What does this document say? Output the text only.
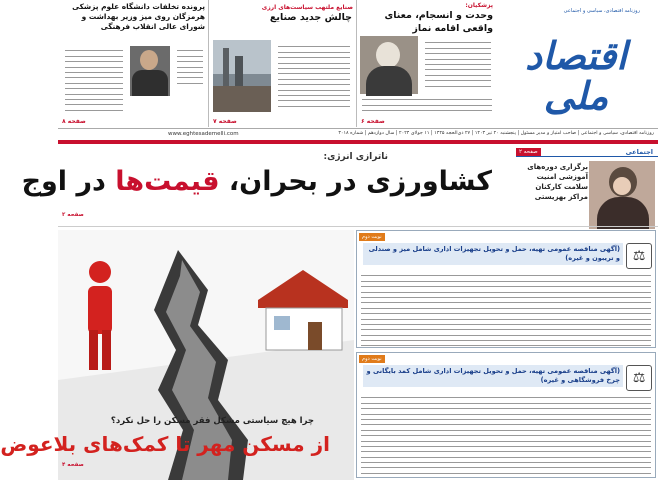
پزشکیان:
وحدت و انسجام، معنای واقعی اقامه نماز
صفحه ۶
صنایع ملتهب سیاست‌های ارزی
چالش جدید صنایع
صفحه ۷
پرونده تخلفات دانشگاه علوم پزشکی هرمزگان روی میز وزیر بهداشت و شورای عالی انقلاب فرهنگی
صفحه ۸
روزنامه اقتصادی، سیاسی و اجتماعی
اقتصاد ملی
روزنامه اقتصادی، سیاسی و اجتماعی | صاحب امتیاز و مدیر مسئول | پنجشنبه ۲۰ تیر ۱۴۰۳ | ۲۷ ذی‌الحجه ۱۴۴۵ | ۱۱ جولای ۲۰۲۴ | سال دوازدهم | شماره ۳۰۱۸
www.eghtesademelli.com
اجتماعی
صفحه ۲
برگزاری دوره‌های آموزشی امنیت سلامت کارکنان مراکز بهزیستی
ناترازی انرژی:
کشاورزی در بحران، قیمت‌ها در اوج
صفحه ۲
نوبت دوم
⚖
(آگهی مناقصه عمومی تهیه، حمل و تحویل تجهیزات اداری شامل میز و صندلی و تریبون و غیره)
نوبت دوم
⚖
(آگهی مناقصه عمومی تهیه، حمل و تحویل تجهیزات اداری شامل کمد بایگانی و چرخ فروشگاهی و غیره)
چرا هیچ سیاستی مشکل فقر مسکن را حل نکرد؟
از مسکن مهر تا کمک‌های بلاعوض
صفحه ۴
